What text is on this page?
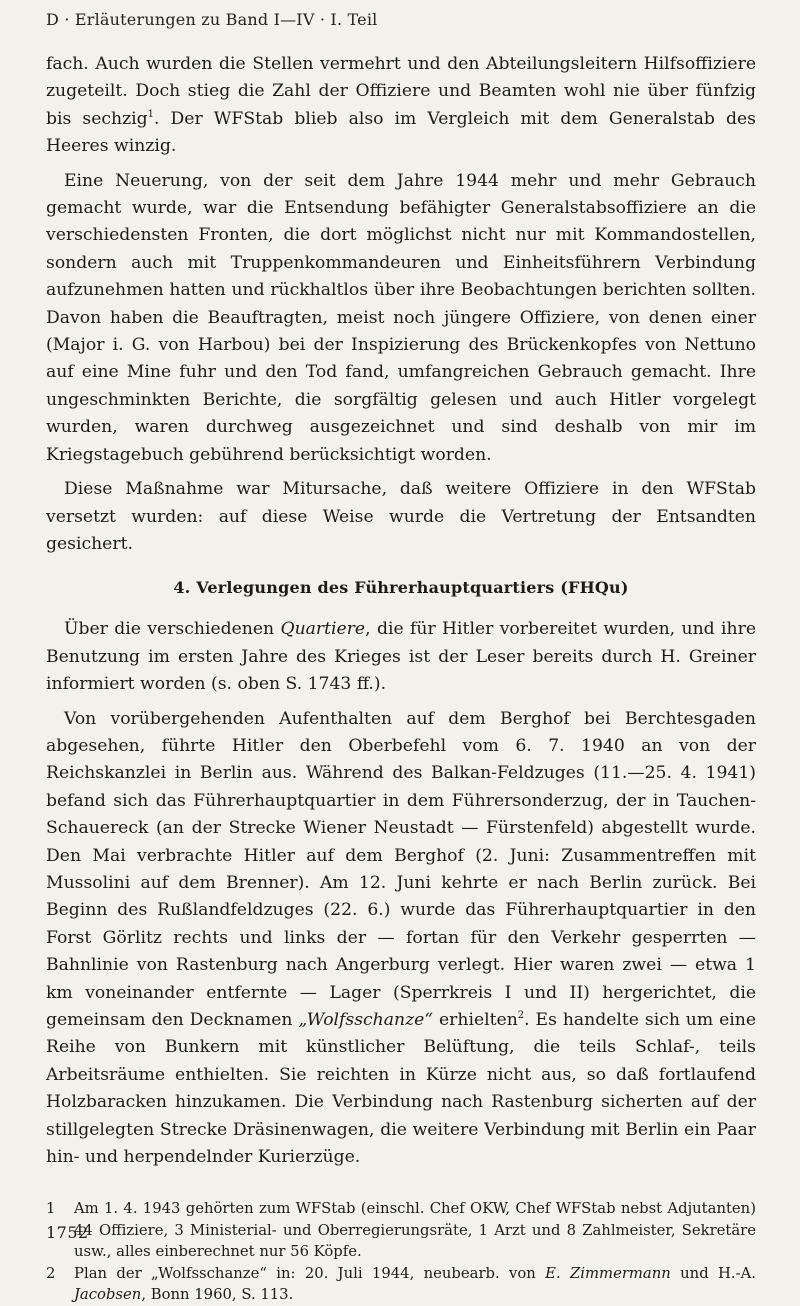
D · Erläuterungen zu Band I—IV · I. Teil

fach. Auch wurden die Stellen vermehrt und den Abteilungsleitern Hilfsoffiziere zugeteilt. Doch stieg die Zahl der Offiziere und Beamten wohl nie über fünfzig bis sechzig$^1$. Der WFStab blieb also im Vergleich mit dem Generalstab des Heeres winzig.

Eine Neuerung, von der seit dem Jahre 1944 mehr und mehr Gebrauch gemacht wurde, war die Entsendung befähigter Generalstabsoffiziere an die verschiedensten Fronten, die dort möglichst nicht nur mit Kommandostellen, sondern auch mit Truppenkommandeuren und Einheitsführern Verbindung aufzunehmen hatten und rückhaltlos über ihre Beobachtungen berichten sollten. Davon haben die Beauftragten, meist noch jüngere Offiziere, von denen einer (Major i. G. von Harbou) bei der Inspizierung des Brückenkopfes von Nettuno auf eine Mine fuhr und den Tod fand, umfangreichen Gebrauch gemacht. Ihre ungeschminkten Berichte, die sorgfältig gelesen und auch Hitler vorgelegt wurden, waren durchweg ausgezeichnet und sind deshalb von mir im Kriegstagebuch gebührend berücksichtigt worden.

Diese Maßnahme war Mitursache, daß weitere Offiziere in den WFStab versetzt wurden: auf diese Weise wurde die Vertretung der Entsandten gesichert.

4. Verlegungen des Führerhauptquartiers (FHQu)

Über die verschiedenen Quartiere, die für Hitler vorbereitet wurden, und ihre Benutzung im ersten Jahre des Krieges ist der Leser bereits durch H. Greiner informiert worden (s. oben S. 1743 ff.).

Von vorübergehenden Aufenthalten auf dem Berghof bei Berchtesgaden abgesehen, führte Hitler den Oberbefehl vom 6. 7. 1940 an von der Reichskanzlei in Berlin aus. Während des Balkan-Feldzuges (11.—25. 4. 1941) befand sich das Führerhauptquartier in dem Führersonderzug, der in Tauchen-Schauereck (an der Strecke Wiener Neustadt — Fürstenfeld) abgestellt wurde. Den Mai verbrachte Hitler auf dem Berghof (2. Juni: Zusammentreffen mit Mussolini auf dem Brenner). Am 12. Juni kehrte er nach Berlin zurück. Bei Beginn des Rußlandfeldzuges (22. 6.) wurde das Führerhauptquartier in den Forst Görlitz rechts und links der — fortan für den Verkehr gesperrten — Bahnlinie von Rastenburg nach Angerburg verlegt. Hier waren zwei — etwa 1 km voneinander entfernte — Lager (Sperrkreis I und II) hergerichtet, die gemeinsam den Decknamen „Wolfsschanze“ erhielten$^2$. Es handelte sich um eine Reihe von Bunkern mit künstlicher Belüftung, die teils Schlaf-, teils Arbeitsräume enthielten. Sie reichten in Kürze nicht aus, so daß fortlaufend Holzbaracken hinzukamen. Die Verbindung nach Rastenburg sicherten auf der stillgelegten Strecke Dräsinenwagen, die weitere Verbindung mit Berlin ein Paar hin- und herpendelnder Kurierzüge.

1	Am 1. 4. 1943 gehörten zum WFStab (einschl. Chef OKW, Chef WFStab nebst Adjutanten) 44 Offiziere, 3 Ministerial- und Oberregierungsräte, 1 Arzt und 8 Zahlmeister, Sekretäre usw., alles einberechnet nur 56 Köpfe.
2	Plan der „Wolfsschanze“ in: 20. Juli 1944, neubearb. von E. Zimmermann und H.-A. Jacobsen, Bonn 1960, S. 113.
1752
